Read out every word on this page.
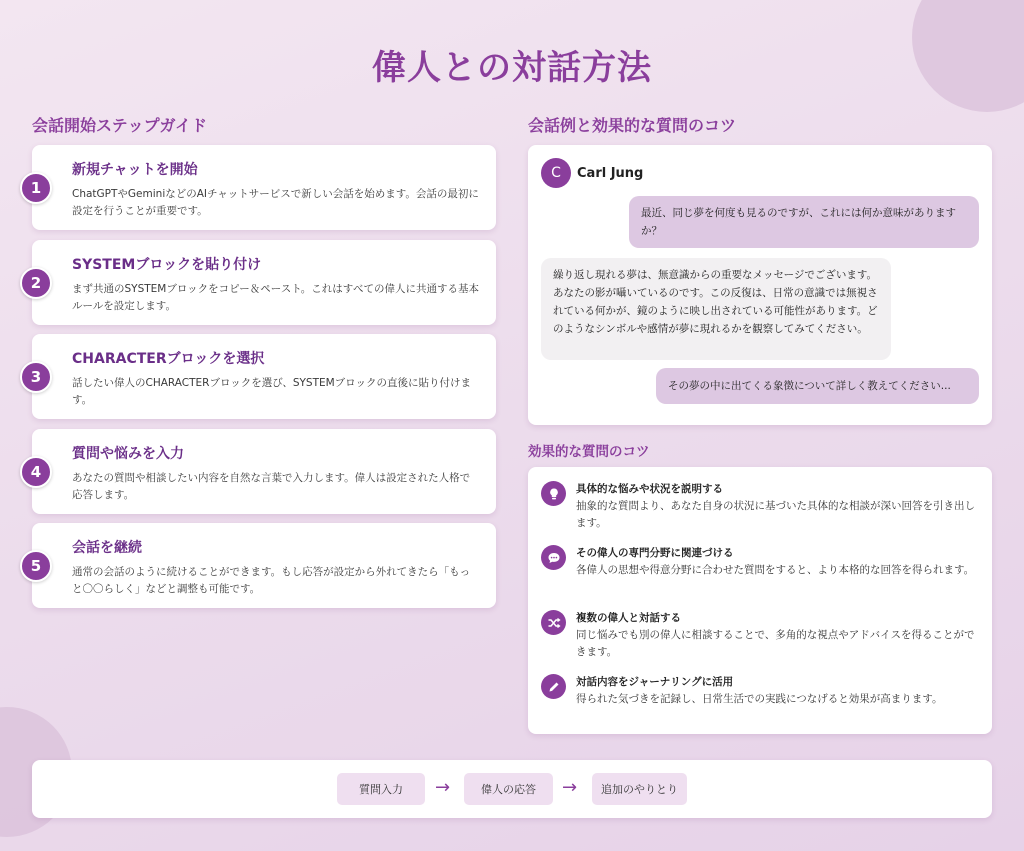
偉人との対話方法
会話開始ステップガイド	会話例と効果的な質問のコツ
1
新規チャットを開始
ChatGPTやGeminiなどのAIチャットサービスで新しい会話を始めます。会話の最初に設定を行うことが重要です。
2
SYSTEMブロックを貼り付け
まず共通のSYSTEMブロックをコピー＆ペースト。これはすべての偉人に共通する基本ルールを設定します。
3
CHARACTERブロックを選択
話したい偉人のCHARACTERブロックを選び、SYSTEMブロックの直後に貼り付けます。
4
質問や悩みを入力
あなたの質問や相談したい内容を自然な言葉で入力します。偉人は設定された人格で応答します。
5
会話を継続
通常の会話のように続けることができます。もし応答が設定から外れてきたら「もっと〇〇らしく」などと調整も可能です。
C	Carl Jung
最近、同じ夢を何度も見るのですが、これには何か意味がありますか？
繰り返し現れる夢は、無意識からの重要なメッセージでございます。あなたの影が囁いているのです。この反復は、日常の意識では無視されている何かが、鏡のように映し出されている可能性があります。どのようなシンボルや感情が夢に現れるかを観察してみてください。
その夢の中に出てくる象徴について詳しく教えてください...
効果的な質問のコツ
具体的な悩みや状況を説明する
抽象的な質問より、あなた自身の状況に基づいた具体的な相談が深い回答を引き出します。
その偉人の専門分野に関連づける
各偉人の思想や得意分野に合わせた質問をすると、より本格的な回答を得られます。
複数の偉人と対話する
同じ悩みでも別の偉人に相談することで、多角的な視点やアドバイスを得ることができます。
対話内容をジャーナリングに活用
得られた気づきを記録し、日常生活での実践につなげると効果が高まります。
質問入力	→	偉人の応答	→	追加のやりとり
